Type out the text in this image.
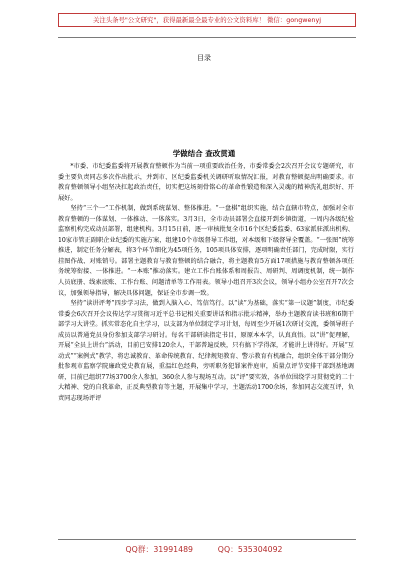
关注头条号"公文研究"，获得最新最全最专业的公文资料库！ 微信：gongwenyj
目录
学做结合 查改贯通

*市委、市纪委监委将开展教育整顿作为当前一项重要政治任务，市委常委会2次召开会议专题研究，市委主要负责同志多次作出批示，并到市、区纪委监委机关调研听取情况汇报，对教育整顿提出明确要求。市教育整顿领导小组坚决扛起政治责任，切实把这场刻骨铭心的革命性锻造和深入灵魂的精神洗礼组织好、开展好。

坚持“三个一”工作机制，做到系统谋划、整体推进。“一盘棋”组织实施，结合直辖市特点，加强对全市教育整顿的一体谋划、一体推动、一体落实。3月3日，全市动员部署会直接开到乡镇街道，一周内各级纪检监察机构完成动员部署，组建机构。3月15日前，逐一审核批复全市16个区纪委监委、63家派驻派出机构、10家市管正副职企业纪委的实施方案，组建10个市级督导工作组，对本级和下级督导全覆盖。“一张图”统筹推进，制定任务分解表，将3个环节细化为45项任务，105项具体安排，逐项明确责任部门，完成时限，实行挂图作战、对账销号。部署主题教育与教育整顿的结合融合，将主题教育5方面17项措施与教育整顿各项任务统筹衔接、一体推进。“一本账”推动落实。建立工作台账体系和周报告、周研判、周调度机制，统一制作人员底册、线索底账、工作台账、问题清单等工作用表。领导小组召开3次会议，领导小组办公室召开7次会议，加强领导指导，解决具体问题，保证全市步调一致。

坚持“读讲评考”四步学习法，做到入脑入心、笃信笃行。以“读”为基础，落实“第一议题”制度，市纪委常委会6次召开会议传达学习贯彻习近平总书记相关重要讲话和指示批示精神，举办主题教育读书班和6期干部学习大讲堂。抓实常态化自主学习，以支部为单位制定学习计划，每周至少开展1次研讨交流，委领导班子成员以普通党员身份参加支部学习研讨。每名干部研读指定书目，原原本本学，认真真悟。以“讲”促理解，开展“全员上讲台”活动，目前已安排120余人，干部普遍反映，只有搞下学得深，才能讲上讲得好。开展“互动式”“案例式”教学，将忠诚教育、革命传统教育、纪律规矩教育、警示教育有机融合，组织全体干部分期分批参观市监察学院廉政党史教育展，重温红色经典，旁听职务犯罪案件庭审，质量点评节安排干部到基地调研，目前已组织77场3700余人参加，360余人参与现场互动。以“评”要实效，各单位围绕学习贯彻党的二十大精神、党的自我革命，正反典型教育等主题，开展集中学习，主题活动1700余场，参加同志交流互评，负责同志现场评评

QQ群：31991489          QQ：535304092
